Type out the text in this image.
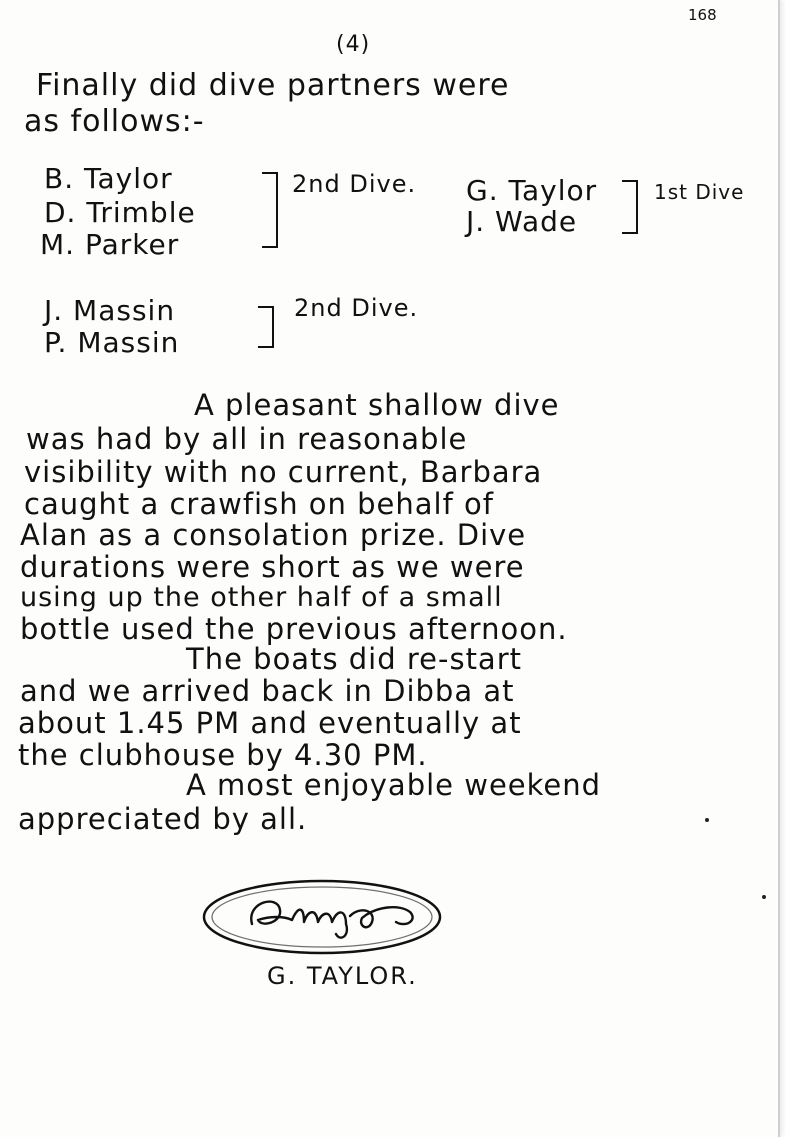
168
(4)
Finally did dive partners were
as follows:-
B. Taylor
D. Trimble
M. Parker
2nd Dive. G. Taylor
J. Wade
1st Dive
J. Massin
P. Massin
2nd Dive.
A pleasant shallow dive
was had by all in reasonable
visibility with no current, Barbara
caught a crawfish on behalf of
Alan as a consolation prize. Dive
durations were short as we were
using up the other half of a small
bottle used the previous afternoon.
The boats did re-start
and we arrived back in Dibba at
about 1.45 PM and eventually at
the clubhouse by 4.30 PM.
A most enjoyable weekend
appreciated by all.
G. TAYLOR.
